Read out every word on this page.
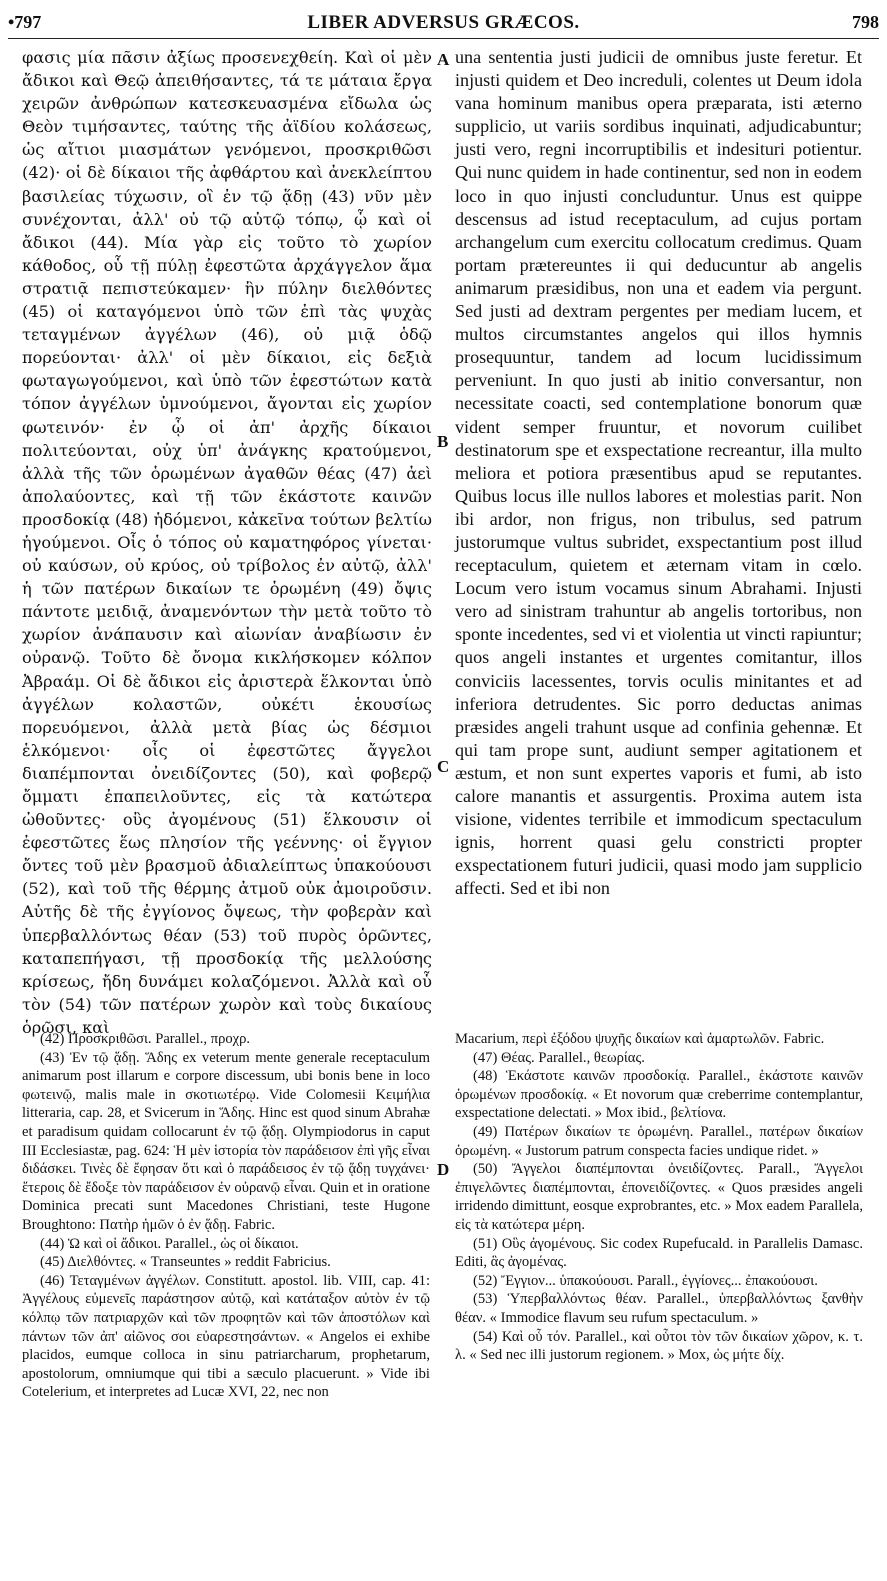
•797	LIBER ADVERSUS GRÆCOS.	798

φασις μία πᾶσιν ἀξίως προσενεχθείη. Καὶ οἱ μὲν ἄδικοι καὶ Θεῷ ἀπειθήσαντες, τά τε μάταια ἔργα χειρῶν ἀνθρώπων κατεσκευασμένα εἴδωλα ὡς Θεὸν τιμήσαντες, ταύτης τῆς ἀϊδίου κολάσεως, ὡς αἴτιοι μιασμάτων γενόμενοι, προσκριθῶσι (42)· οἱ δὲ δίκαιοι τῆς ἀφθάρτου καὶ ἀνεκλείπτου βασιλείας τύχωσιν, οἳ ἐν τῷ ᾅδῃ (43) νῦν μὲν συνέχονται, ἀλλ' οὐ τῷ αὐτῷ τόπῳ, ᾧ καὶ οἱ ἄδικοι (44). Μία γὰρ εἰς τοῦτο τὸ χωρίον κάθοδος, οὗ τῇ πύλῃ ἐφεστῶτα ἀρχάγγελον ἅμα στρατιᾷ πεπιστεύκαμεν· ἣν πύλην διελθόντες (45) οἱ καταγόμενοι ὑπὸ τῶν ἐπὶ τὰς ψυχὰς τεταγμένων ἀγγέλων (46), οὐ μιᾷ ὁδῷ πορεύονται· ἀλλ' οἱ μὲν δίκαιοι, εἰς δεξιὰ φωταγωγούμενοι, καὶ ὑπὸ τῶν ἐφεστώτων κατὰ τόπον ἀγγέλων ὑμνούμενοι, ἄγονται εἰς χωρίον φωτεινόν· ἐν ᾧ οἱ ἀπ' ἀρχῆς δίκαιοι πολιτεύονται, οὐχ ὑπ' ἀνάγκης κρατούμενοι, ἀλλὰ τῆς τῶν ὁρωμένων ἀγαθῶν θέας (47) ἀεὶ ἀπολαύοντες, καὶ τῇ τῶν ἑκάστοτε καινῶν προσδοκίᾳ (48) ἡδόμενοι, κἀκεῖνα τούτων βελτίω ἡγούμενοι. Οἷς ὁ τόπος οὐ καματηφόρος γίνεται· οὐ καύσων, οὐ κρύος, οὐ τρίβολος ἐν αὐτῷ, ἀλλ' ἡ τῶν πατέρων δικαίων τε ὁρωμένη (49) ὄψις πάντοτε μειδιᾷ, ἀναμενόντων τὴν μετὰ τοῦτο τὸ χωρίον ἀνάπαυσιν καὶ αἰωνίαν ἀναβίωσιν ἐν οὐρανῷ. Τοῦτο δὲ ὄνομα κικλήσκομεν κόλπον Ἀβραάμ. Οἱ δὲ ἄδικοι εἰς ἀριστερὰ ἕλκονται ὑπὸ ἀγγέλων κολαστῶν, οὐκέτι ἑκουσίως πορευόμενοι, ἀλλὰ μετὰ βίας ὡς δέσμιοι ἑλκόμενοι· οἷς οἱ ἐφεστῶτες ἄγγελοι διαπέμπονται ὀνειδίζοντες (50), καὶ φοβερῷ ὄμματι ἐπαπειλοῦντες, εἰς τὰ κατώτερα ὠθοῦντες· οὓς ἀγομένους (51) ἕλκουσιν οἱ ἐφεστῶτες ἕως πλησίον τῆς γεέννης· οἱ ἔγγιον ὄντες τοῦ μὲν βρασμοῦ ἀδιαλείπτως ὑπακούουσι (52), καὶ τοῦ τῆς θέρμης ἀτμοῦ οὐκ ἀμοιροῦσιν. Αὐτῆς δὲ τῆς ἐγγίονος ὄψεως, τὴν φοβερὰν καὶ ὑπερβαλλόντως θέαν (53) τοῦ πυρὸς ὁρῶντες, καταπεπήγασι, τῇ προσδοκίᾳ τῆς μελλούσης κρίσεως, ἤδη δυνάμει κολαζόμενοι. Ἀλλὰ καὶ οὗ τὸν (54) τῶν πατέρων χωρὸν καὶ τοὺς δικαίους ὁρῶσι, καὶ

A
B
C
D

una sententia justi judicii de omnibus juste feretur. Et injusti quidem et Deo increduli, colentes ut Deum idola vana hominum manibus opera præparata, isti æterno supplicio, ut variis sordibus inquinati, adjudicabuntur; justi vero, regni incorruptibilis et indesituri potientur. Qui nunc quidem in hade continentur, sed non in eodem loco in quo injusti concluduntur. Unus est quippe descensus ad istud receptaculum, ad cujus portam archangelum cum exercitu collocatum credimus. Quam portam prætereuntes ii qui deducuntur ab angelis animarum præsidibus, non una et eadem via pergunt. Sed justi ad dextram pergentes per mediam lucem, et multos circumstantes angelos qui illos hymnis prosequuntur, tandem ad locum lucidissimum perveniunt. In quo justi ab initio conversantur, non necessitate coacti, sed contemplatione bonorum quæ vident semper fruuntur, et novorum cuilibet destinatorum spe et exspectatione recreantur, illa multo meliora et potiora præsentibus apud se reputantes. Quibus locus ille nullos labores et molestias parit. Non ibi ardor, non frigus, non tribulus, sed patrum justorumque vultus subridet, exspectantium post illud receptaculum, quietem et æternam vitam in cœlo. Locum vero istum vocamus sinum Abrahami. Injusti vero ad sinistram trahuntur ab angelis tortoribus, non sponte incedentes, sed vi et violentia ut vincti rapiuntur; quos angeli instantes et urgentes comitantur, illos conviciis lacessentes, torvis oculis minitantes et ad inferiora detrudentes. Sic porro deductas animas præsides angeli trahunt usque ad confinia gehennæ. Et qui tam prope sunt, audiunt semper agitationem et æstum, et non sunt expertes vaporis et fumi, ab isto calore manantis et assurgentis. Proxima autem ista visione, videntes terribile et immodicum spectaculum ignis, horrent quasi gelu constricti propter exspectationem futuri judicii, quasi modo jam supplicio affecti. Sed et ibi non

(42) Προσκριθῶσι. Parallel., προχρ.

(43) Ἐν τῷ ᾅδῃ. Ἅδης ex veterum mente generale receptaculum animarum post illarum e corpore discessum, ubi bonis bene in loco φωτεινῷ, malis male in σκοτιωτέρῳ. Vide Colomesii Κειμήλια litteraria, cap. 28, et Svicerum in Ἅδης. Hinc est quod sinum Abrahæ et paradisum quidam collocarunt ἐν τῷ ᾅδῃ. Olympiodorus in caput III Ecclesiastæ, pag. 624: Ἡ μὲν ἱστορία τὸν παράδεισον ἐπὶ γῆς εἶναι διδάσκει. Τινὲς δὲ ἔφησαν ὅτι καὶ ὁ παράδεισος ἐν τῷ ᾅδῃ τυγχάνει· ἕτεροις δὲ ἔδοξε τὸν παράδεισον ἐν οὐρανῷ εἶναι. Quin et in oratione Dominica precati sunt Macedones Christiani, teste Hugone Broughtono: Πατὴρ ἡμῶν ὁ ἐν ᾅδῃ. Fabric.

(44) Ὡ καὶ οἱ ἄδικοι. Parallel., ὡς οἱ δίκαιοι.

(45) Διελθόντες. « Transeuntes » reddit Fabricius.

(46) Τεταγμένων ἀγγέλων. Constitutt. apostol. lib. VIII, cap. 41: Ἀγγέλους εὐμενεῖς παράστησον αὐτῷ, καὶ κατάταξον αὐτὸν ἐν τῷ κόλπῳ τῶν πατριαρχῶν καὶ τῶν προφητῶν καὶ τῶν ἀποστόλων καὶ πάντων τῶν ἀπ' αἰῶνος σοι εὐαρεστησάντων. « Angelos ei exhibe placidos, eumque colloca in sinu patriarcharum, prophetarum, apostolorum, omniumque qui tibi a sæculo placuerunt. » Vide ibi Cotelerium, et interpretes ad Lucæ XVI, 22, nec non

Macarium, περὶ ἐξόδου ψυχῆς δικαίων καὶ ἁμαρτωλῶν. Fabric.

(47) Θέας. Parallel., θεωρίας.

(48) Ἑκάστοτε καινῶν προσδοκίᾳ. Parallel., ἑκάστοτε καινῶν ὁρωμένων προσδοκίᾳ. « Et novorum quæ creberrime contemplantur, exspectatione delectati. » Mox ibid., βελτίονα.

(49) Πατέρων δικαίων τε ὁρωμένη. Parallel., πατέρων δικαίων ὁρωμένη. « Justorum patrum conspecta facies undique ridet. »

(50) Ἄγγελοι διαπέμπονται ὀνειδίζοντες. Parall., Ἄγγελοι ἐπιγελῶντες διαπέμπονται, ἐπονειδίζοντες. « Quos præsides angeli irridendo dimittunt, eosque exprobrantes, etc. » Mox eadem Parallela, εἰς τὰ κατώτερα μέρη.

(51) Οὓς ἀγομένους. Sic codex Rupefucald. in Parallelis Damasc. Editi, ἃς ἀγομένας.

(52) Ἔγγιον... ὑπακούουσι. Parall., ἐγγίονες... ἐπακούουσι.

(53) Ὑπερβαλλόντως θέαν. Parallel., ὑπερβαλλόντως ξανθὴν θέαν. « Immodice flavum seu rufum spectaculum. »

(54) Καὶ οὗ τόν. Parallel., καὶ οὗτοι τὸν τῶν δικαίων χῶρον, κ. τ. λ. « Sed nec illi justorum regionem. » Mox, ὡς μήτε δίχ.
